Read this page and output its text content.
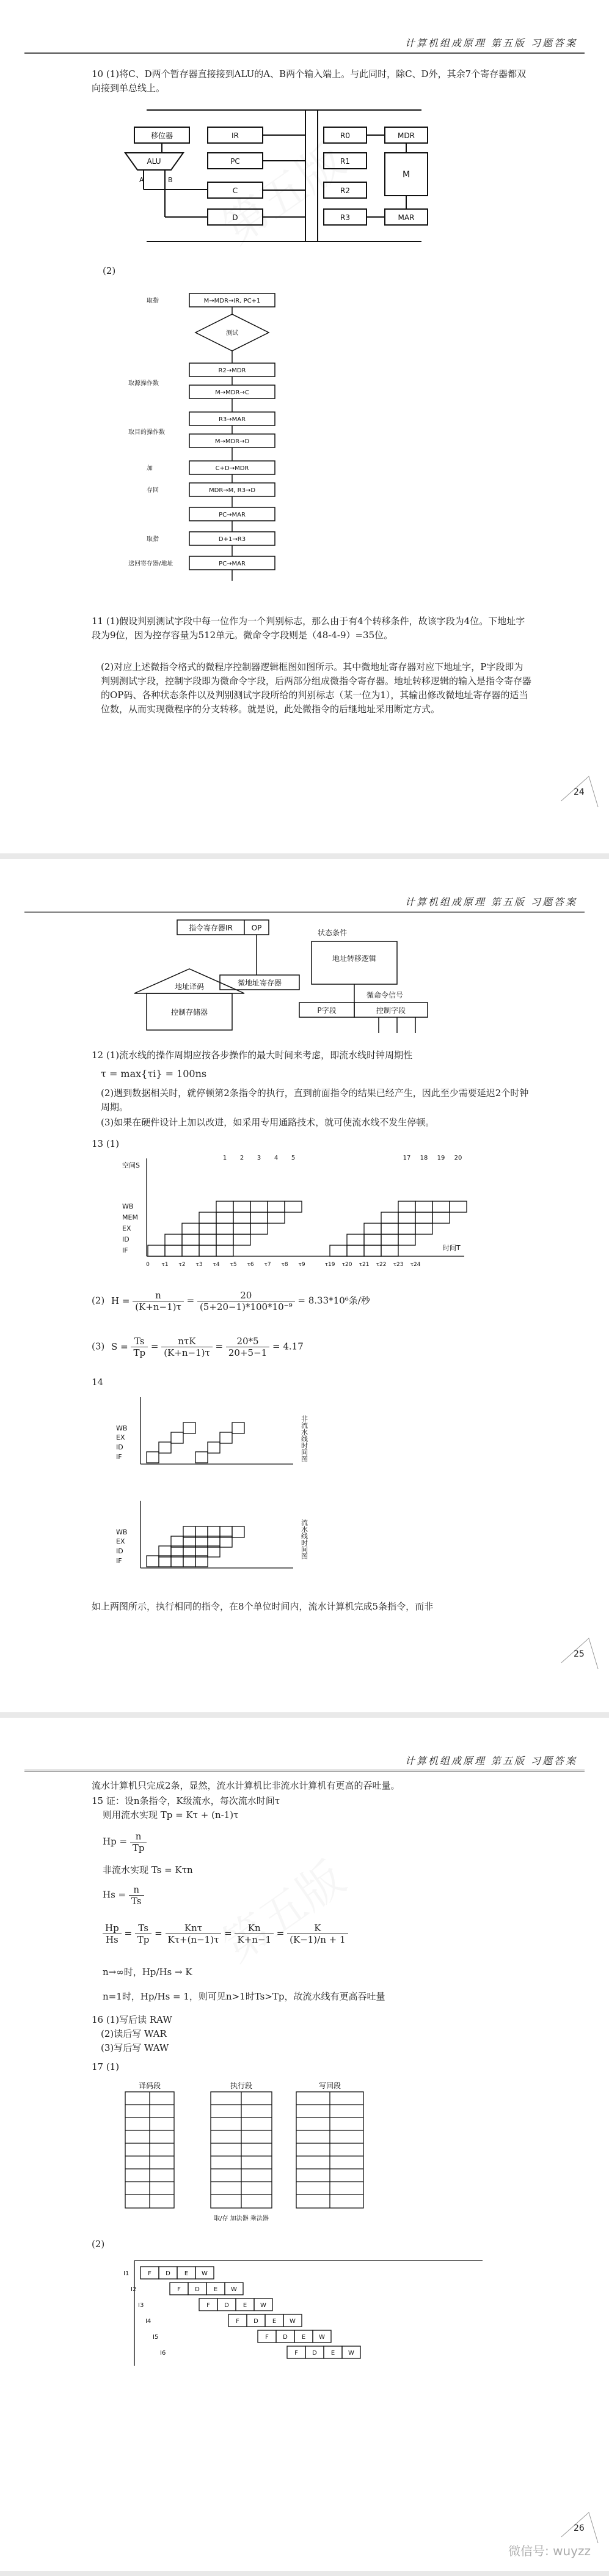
计算机组成原理 第五版 习题答案
10 (1)将C、D两个暂存器直接接到ALU的A、B两个输入端上。与此同时，除C、D外，其余7个寄存器都双向接到单总线上。
移位器	IR
PC
C
D
R0
R1
R2
R3
MDR
M
MAR
ALU
A	B
(2)
M→MDR→IR, PC+1
测试
R2→MDR
M→MDR→C
R3→MAR
M→MDR→D
C+D→MDR
MDR→M, R3→D
PC→MAR
D+1→R3
PC→MAR
取指
取源操作数
取目的操作数
加
存回
取指
送回寄存器/地址
11 (1)假设判别测试字段中每一位作为一个判别标志，那么由于有4个转移条件，故该字段为4位。下地址字段为9位，因为控存容量为512单元。微命令字段则是（48-4-9）=35位。
(2)对应上述微指令格式的微程序控制器逻辑框图如图所示。其中微地址寄存器对应下地址字，P字段即为判别测试字段，控制字段即为微命令字段，后两部分组成微指令寄存器。地址转移逻辑的输入是指令寄存器的OP码、各种状态条件以及判别测试字段所给的判别标志（某一位为1），其输出修改微地址寄存器的适当位数，从而实现微程序的分支转移。就是说，此处微指令的后继地址采用断定方式。
24
计算机组成原理 第五版 习题答案
指令寄存器IR	OP
状态条件
地址转移逻辑
微地址寄存器
控制存储器
地址译码
微命令信号
P字段	控制字段
12 (1)流水线的操作周期应按各步操作的最大时间来考虑，即流水线时钟周期性
τ = max{τi} = 100ns
(2)遇到数据相关时，就停顿第2条指令的执行，直到前面指令的结果已经产生，因此至少需要延迟2个时钟周期。
(3)如果在硬件设计上加以改进，如采用专用通路技术，就可使流水线不发生停顿。
13 (1)
空间S
WB
MEM
EX
ID
IF	时间T
0 τ1 τ2 τ3 τ4 τ5 τ6 τ7 τ8 τ9	τ19 τ20 τ21 τ22 τ23 τ24
1 2 3 4 5	17 18 19 20
(2) $H = \frac{n}{(K+n-1)\tau} = \frac{20}{\text{(5+20−1)*100*10⁻⁹}} = 8.33*10^6$条/秒
(3) $S = \frac{Ts}{Tp} = \frac{\text{nτK}}{(K+n-1)\tau} = \frac{20*5}{20+5-1} = 4.17$
14
WB
EX
ID
IF	非流水线时间图
WB
EX
ID
IF
流水线时间图
如上两图所示，执行相同的指令，在8个单位时间内，流水计算机完成5条指令，而非
25
计算机组成原理 第五版 习题答案
流水计算机只完成2条，显然，流水计算机比非流水计算机有更高的吞吐量。
15 证：设n条指令，K级流水，每次流水时间τ
则用流水实现 Tp = Kτ + (n-1)τ
$Hp = \frac{n}{Tp}$
非流水实现 Ts = Kτn
$Hs = \frac{n}{Ts}$
$\frac{Hp}{Hs} = \frac{Ts}{Tp} = \frac{\text{Knτ}}{K\tau+(n-1)\tau} = \frac{Kn}{K+n-1} = \frac{K}{(K-1)/n + 1}$
n→∞时，Hp/Hs → K
n=1时，Hp/Hs = 1，则可见n>1时Ts>Tp，故流水线有更高吞吐量
16 (1)写后读 RAW
(2)读后写 WAR
(3)写后写 WAW
17 (1)
译码段	执行段	写回段
取/存 加法器 乘法器
(2)
I1	F D E W
I2	F D E W
I3	F D E W
I4	F D E W
I5	F D E W
I6	F D E W
26
微信号: wuyzz
